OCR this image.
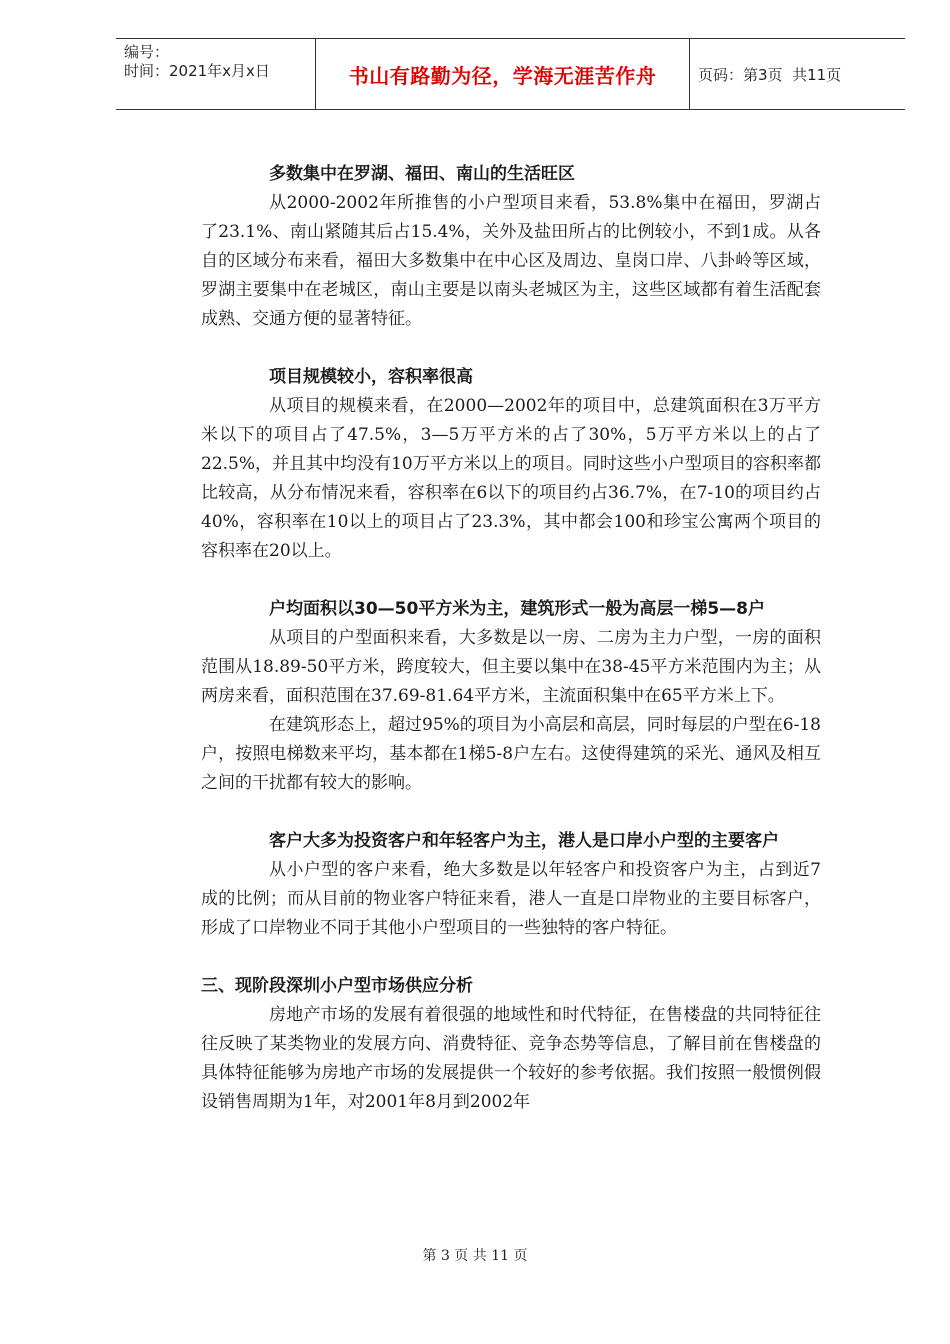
编号：
时间：2021年x月x日	书山有路勤为径，学海无涯苦作舟	页码：第3页  共11页

多数集中在罗湖、福田、南山的生活旺区

从2000-2002年所推售的小户型项目来看，53.8%集中在福田，罗湖占了23.1%、南山紧随其后占15.4%，关外及盐田所占的比例较小，不到1成。从各自的区域分布来看，福田大多数集中在中心区及周边、皇岗口岸、八卦岭等区域，罗湖主要集中在老城区，南山主要是以南头老城区为主，这些区域都有着生活配套成熟、交通方便的显著特征。

项目规模较小，容积率很高

从项目的规模来看，在2000—2002年的项目中，总建筑面积在3万平方米以下的项目占了47.5%，3—5万平方米的占了30%，5万平方米以上的占了22.5%，并且其中均没有10万平方米以上的项目。同时这些小户型项目的容积率都比较高，从分布情况来看，容积率在6以下的项目约占36.7%，在7-10的项目约占40%，容积率在10以上的项目占了23.3%，其中都会100和珍宝公寓两个项目的容积率在20以上。

户均面积以30—50平方米为主，建筑形式一般为高层一梯5—8户

从项目的户型面积来看，大多数是以一房、二房为主力户型，一房的面积范围从18.89-50平方米，跨度较大，但主要以集中在38-45平方米范围内为主；从两房来看，面积范围在37.69-81.64平方米，主流面积集中在65平方米上下。

在建筑形态上，超过95%的项目为小高层和高层，同时每层的户型在6-18户，按照电梯数来平均，基本都在1梯5-8户左右。这使得建筑的采光、通风及相互之间的干扰都有较大的影响。

客户大多为投资客户和年轻客户为主，港人是口岸小户型的主要客户

从小户型的客户来看，绝大多数是以年轻客户和投资客户为主，占到近7成的比例；而从目前的物业客户特征来看，港人一直是口岸物业的主要目标客户，形成了口岸物业不同于其他小户型项目的一些独特的客户特征。

三、现阶段深圳小户型市场供应分析

房地产市场的发展有着很强的地域性和时代特征，在售楼盘的共同特征往往反映了某类物业的发展方向、消费特征、竞争态势等信息，了解目前在售楼盘的具体特征能够为房地产市场的发展提供一个较好的参考依据。我们按照一般惯例假设销售周期为1年，对2001年8月到2002年

第 3 页 共 11 页
